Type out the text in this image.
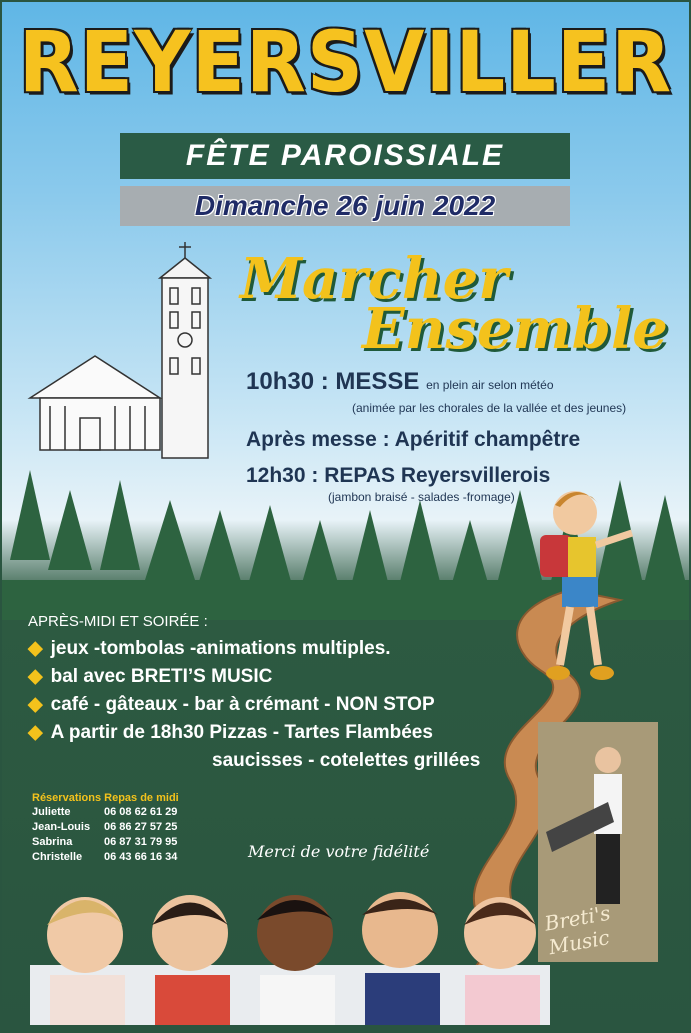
REYERSVILLER
FÊTE PAROISSIALE
Dimanche 26 juin 2022
Marcher
Ensemble
10h30 : MESSE en plein air selon météo
(animée par les chorales de la vallée et des jeunes)
Après messe : Apéritif champêtre
12h30 : REPAS Reyersvillerois
(jambon braisé - salades -fromage)
APRÈS-MIDI ET SOIRÉE :
◆ jeux -tombolas -animations multiples.
◆ bal avec BRETI’S MUSIC
◆ café - gâteaux - bar à crémant - NON STOP
◆ A partir de 18h30 Pizzas - Tartes Flambées
saucisses - cotelettes grillées
Réservations Repas de midi
Juliette	06 08 62 61 29
Jean-Louis 06 86 27 57 25
Sabrina	06 87 31 79 95
Christelle 06 43 66 16 34	Merci de votre fidélité
Breti's Music
